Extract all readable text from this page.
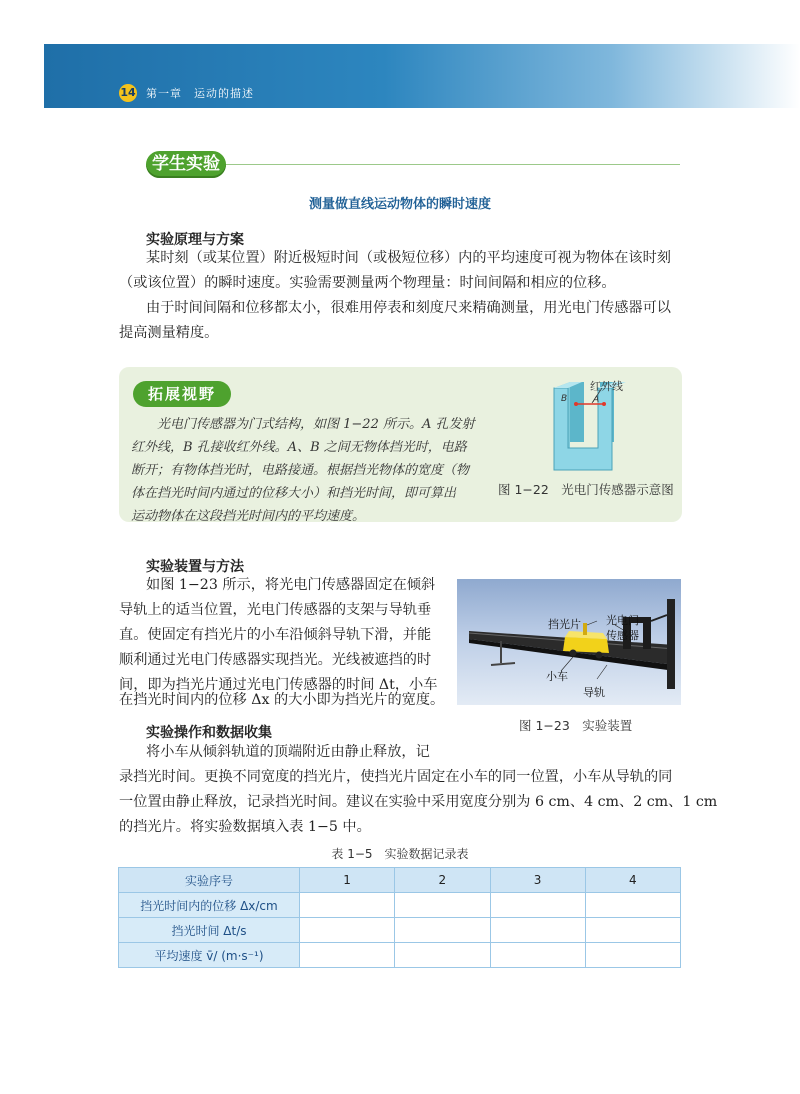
14 第一章　运动的描述
学生实验
测量做直线运动物体的瞬时速度
实验原理与方案
某时刻（或某位置）附近极短时间（或极短位移）内的平均速度可视为物体在该时刻
（或该位置）的瞬时速度。实验需要测量两个物理量：时间间隔和相应的位移。
由于时间间隔和位移都太小，很难用停表和刻度尺来精确测量，用光电门传感器可以
提高测量精度。
拓展视野
光电门传感器为门式结构，如图 1−22 所示。A 孔发射
红外线，B 孔接收红外线。A、B 之间无物体挡光时，电路
断开；有物体挡光时，电路接通。根据挡光物体的宽度（物
体在挡光时间内通过的位移大小）和挡光时间，即可算出
运动物体在这段挡光时间内的平均速度。
红外线
B	A
图 1−22　光电门传感器示意图
实验装置与方法
如图 1−23 所示，将光电门传感器固定在倾斜
导轨上的适当位置，光电门传感器的支架与导轨垂
直。使固定有挡光片的小车沿倾斜导轨下滑，并能
顺利通过光电门传感器实现挡光。光线被遮挡的时
间，即为挡光片通过光电门传感器的时间 Δt，小车
在挡光时间内的位移 Δx 的大小即为挡光片的宽度。
挡光片 光电门
传感器
小车
导轨
图 1−23　实验装置
实验操作和数据收集
将小车从倾斜轨道的顶端附近由静止释放，记
录挡光时间。更换不同宽度的挡光片，使挡光片固定在小车的同一位置，小车从导轨的同
一位置由静止释放，记录挡光时间。建议在实验中采用宽度分别为 6 cm、4 cm、2 cm、1 cm
的挡光片。将实验数据填入表 1−5 中。
表 1−5　实验数据记录表
实验序号	1	2	3	4
挡光时间内的位移 Δx/cm				
挡光时间 Δt/s				
平均速度 v̄/ (m·s⁻¹)				
